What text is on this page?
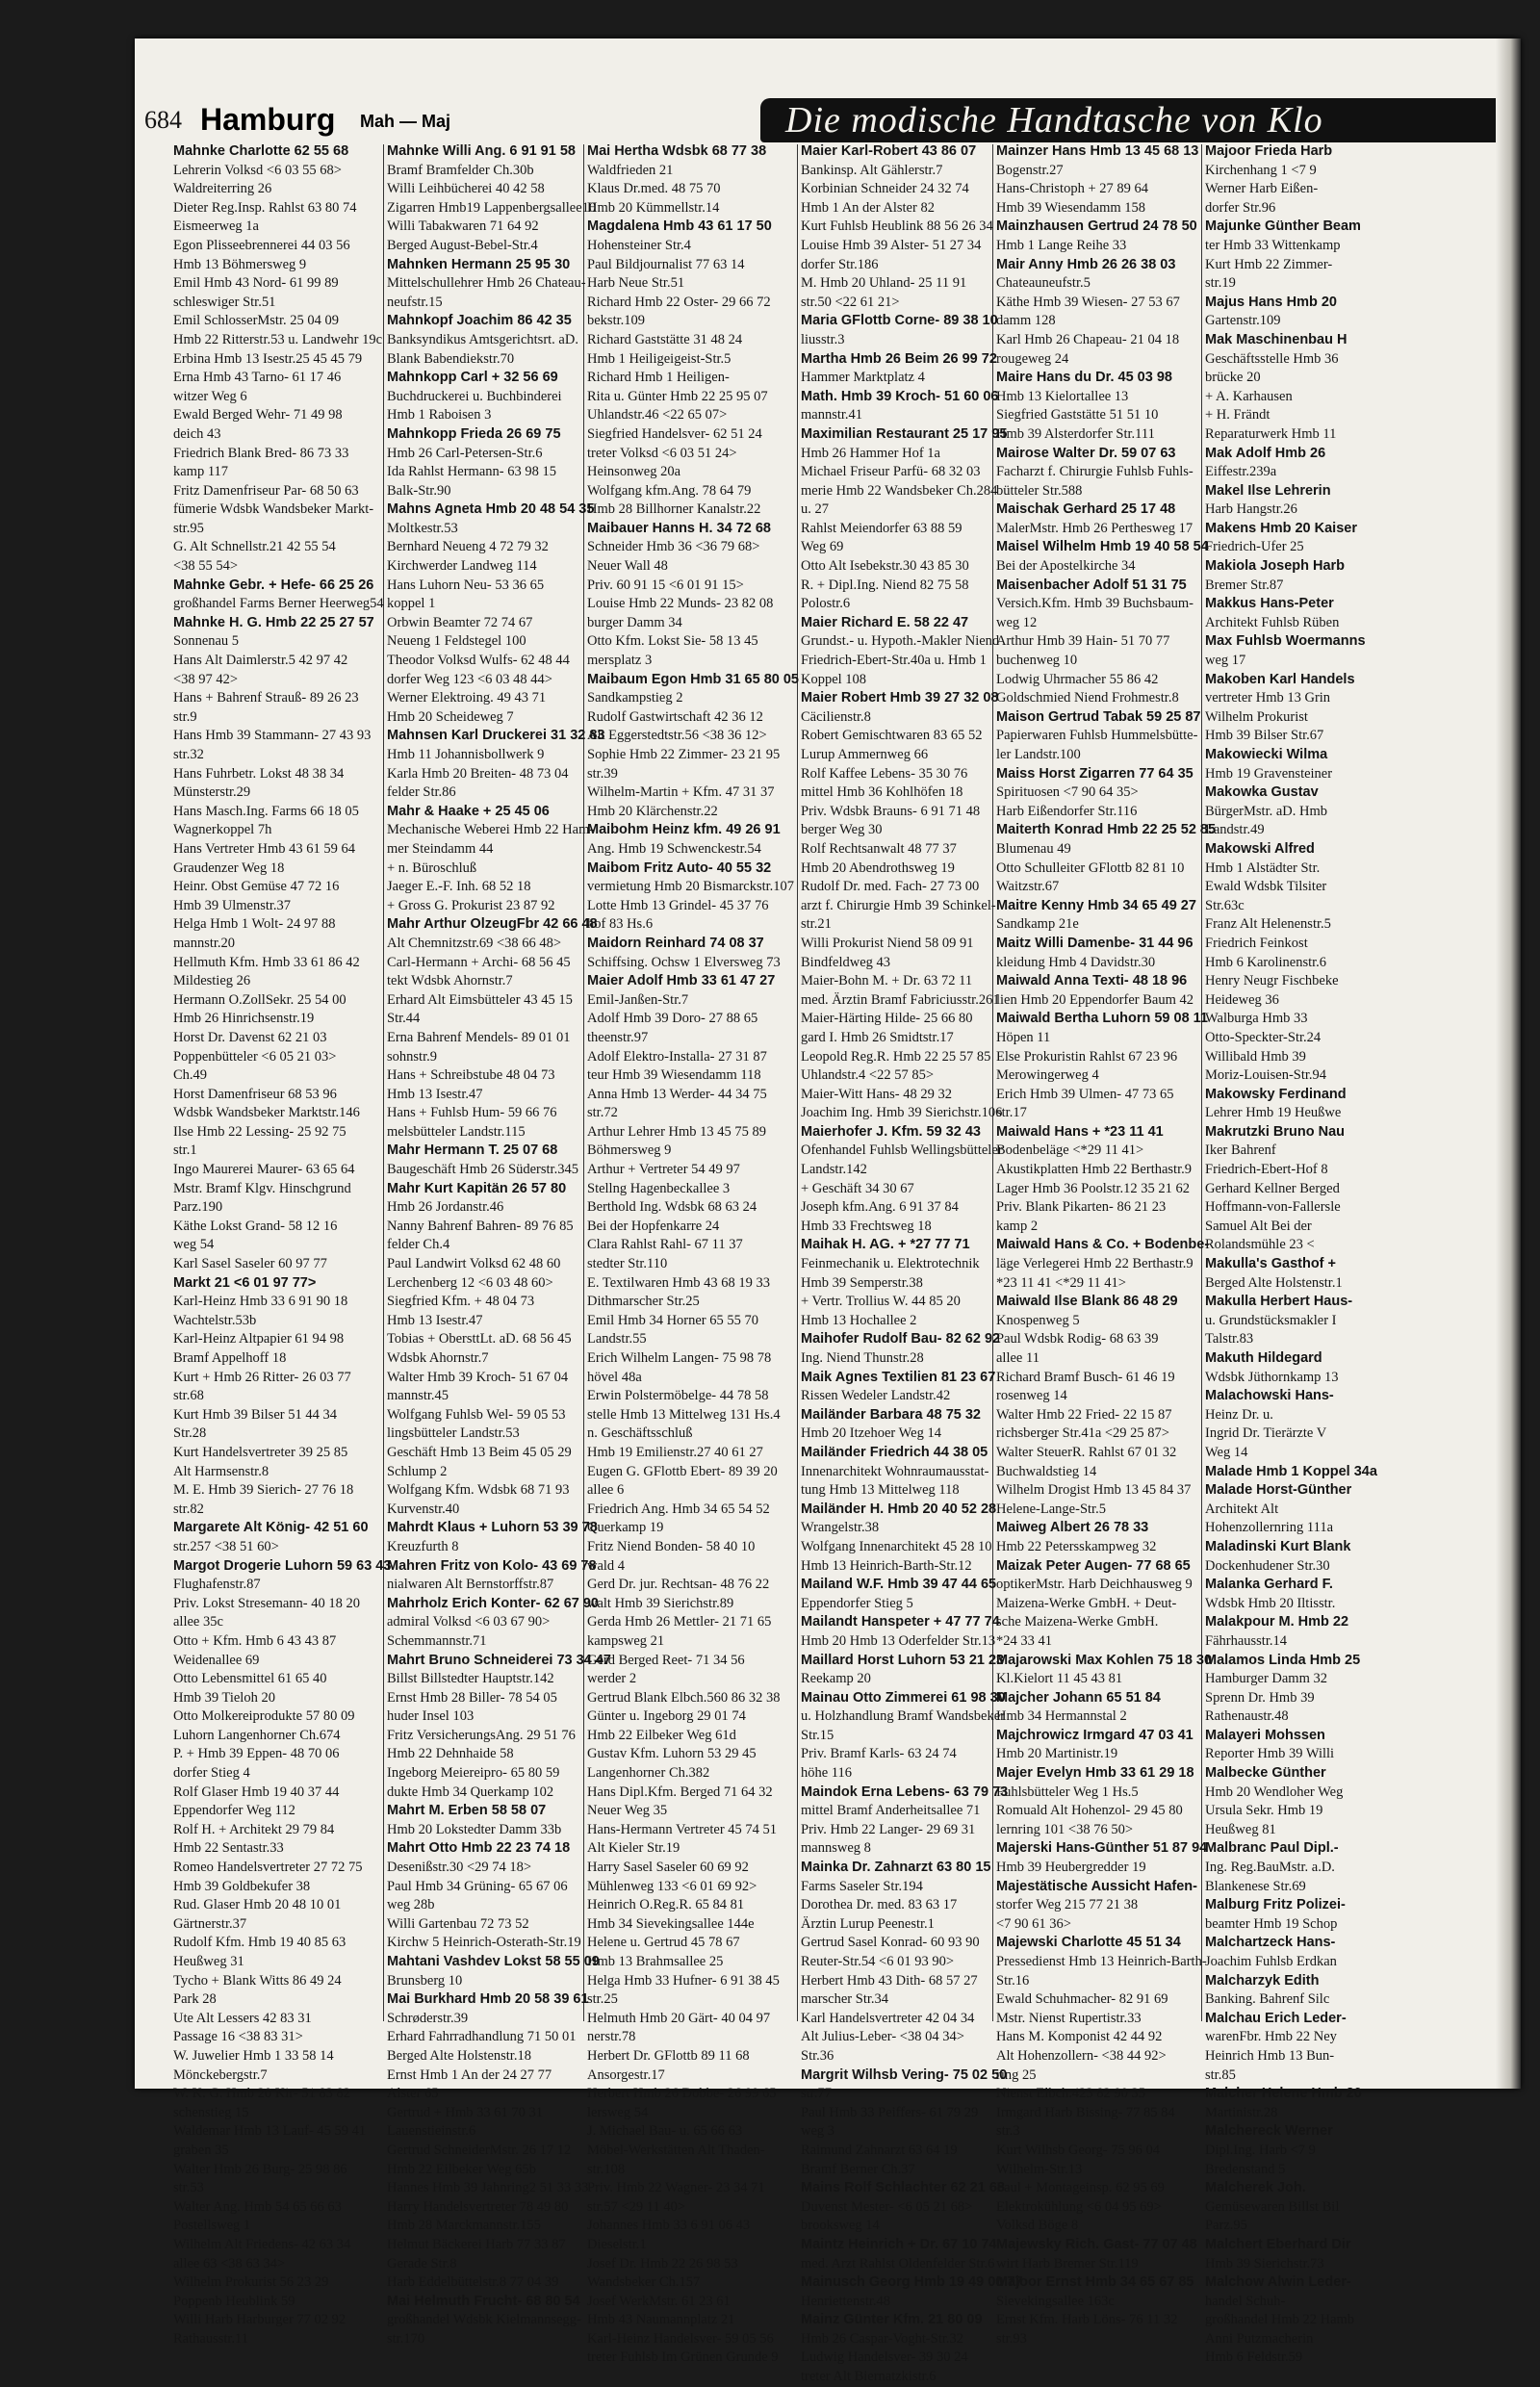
684 Hamburg Mah — Maj	Die modische Handtasche von Klo

Mahnke Charlotte 62 55 68

Lehrerin Volksd <6 03 55 68>

Waldreiterring 26

Dieter Reg.Insp. Rahlst 63 80 74

Eismeerweg 1a

Egon Plisseebrennerei 44 03 56

Hmb 13 Böhmersweg 9

Emil Hmb 43 Nord- 61 99 89

schleswiger Str.51

Emil SchlosserMstr. 25 04 09

Hmb 22 Ritterstr.53 u. Landwehr 19c

Erbina Hmb 13 Isestr.25 45 45 79

Erna Hmb 43 Tarno- 61 17 46

witzer Weg 6

Ewald Berged Wehr- 71 49 98

deich 43

Friedrich Blank Bred- 86 73 33

kamp 117

Fritz Damenfriseur Par- 68 50 63

fümerie Wdsbk Wandsbeker Markt-

str.95

G. Alt Schnellstr.21 42 55 54

<38 55 54>

Mahnke Gebr. + Hefe- 66 25 26

großhandel Farms Berner Heerweg54

Mahnke H. G. Hmb 22 25 27 57

Sonnenau 5

Hans Alt Daimlerstr.5 42 97 42

<38 97 42>

Hans + Bahrenf Strauß- 89 26 23

str.9

Hans Hmb 39 Stammann- 27 43 93

str.32

Hans Fuhrbetr. Lokst 48 38 34

Münsterstr.29

Hans Masch.Ing. Farms 66 18 05

Wagnerkoppel 7h

Hans Vertreter Hmb 43 61 59 64

Graudenzer Weg 18

Heinr. Obst Gemüse 47 72 16

Hmb 39 Ulmenstr.37

Helga Hmb 1 Wolt- 24 97 88

mannstr.20

Hellmuth Kfm. Hmb 33 61 86 42

Mildestieg 26

Hermann O.ZollSekr. 25 54 00

Hmb 26 Hinrichsenstr.19

Horst Dr. Davenst 62 21 03

Poppenbütteler <6 05 21 03>

Ch.49

Horst Damenfriseur 68 53 96

Wdsbk Wandsbeker Marktstr.146

Ilse Hmb 22 Lessing- 25 92 75

str.1

Ingo Maurerei Maurer- 63 65 64

Mstr. Bramf Klgv. Hinschgrund

Parz.190

Käthe Lokst Grand- 58 12 16

weg 54

Karl Sasel Saseler 60 97 77

Markt 21 <6 01 97 77>

Karl-Heinz Hmb 33 6 91 90 18

Wachtelstr.53b

Karl-Heinz Altpapier 61 94 98

Bramf Appelhoff 18

Kurt + Hmb 26 Ritter- 26 03 77

str.68

Kurt Hmb 39 Bilser 51 44 34

Str.28

Kurt Handelsvertreter 39 25 85

Alt Harmsenstr.8

M. E. Hmb 39 Sierich- 27 76 18

str.82

Margarete Alt König- 42 51 60

str.257 <38 51 60>

Margot Drogerie Luhorn 59 63 43

Flughafenstr.87

Priv. Lokst Stresemann- 40 18 20

allee 35c

Otto + Kfm. Hmb 6 43 43 87

Weidenallee 69

Otto Lebensmittel 61 65 40

Hmb 39 Tieloh 20

Otto Molkereiprodukte 57 80 09

Luhorn Langenhorner Ch.674

P. + Hmb 39 Eppen- 48 70 06

dorfer Stieg 4

Rolf Glaser Hmb 19 40 37 44

Eppendorfer Weg 112

Rolf H. + Architekt 29 79 84

Hmb 22 Sentastr.33

Romeo Handelsvertreter 27 72 75

Hmb 39 Goldbekufer 38

Rud. Glaser Hmb 20 48 10 01

Gärtnerstr.37

Rudolf Kfm. Hmb 19 40 85 63

Heußweg 31

Tycho + Blank Witts 86 49 24

Park 28

Ute Alt Lessers 42 83 31

Passage 16 <38 83 31>

W. Juwelier Hmb 1 33 58 14

Mönckebergstr.7

W. K. G. Hmb 20 Kir- 51 83 82

schenstieg 15

Waldemar Hmb 13 Lauf- 45 59 41

graben 35

Walter Hmb 26 Burg- 25 98 86

str.53

Walter Ang. Hmb 54 65 66 63

Postellsweg 1

Wilhelm Alt Friedens- 42 63 34

allee 63 <38 63 34>

Wilhelm Prokurist 56 23 29

Poppenb Heublink 59

Willi Harb Harburger 77 02 92

Rathausstr.11

Mahnke Willi Ang. 6 91 91 58

Bramf Bramfelder Ch.30b

Willi Leihbücherei 40 42 58

Zigarren Hmb19 Lappenbergsallee10

Willi Tabakwaren 71 64 92

Berged August-Bebel-Str.4

Mahnken Hermann 25 95 30

Mittelschullehrer Hmb 26 Chateau-

neufstr.15

Mahnkopf Joachim 86 42 35

Banksyndikus Amtsgerichtsrt. aD.

Blank Babendiekstr.70

Mahnkopp Carl + 32 56 69

Buchdruckerei u. Buchbinderei

Hmb 1 Raboisen 3

Mahnkopp Frieda 26 69 75

Hmb 26 Carl-Petersen-Str.6

Ida Rahlst Hermann- 63 98 15

Balk-Str.90

Mahns Agneta Hmb 20 48 54 35

Moltkestr.53

Bernhard Neueng 4 72 79 32

Kirchwerder Landweg 114

Hans Luhorn Neu- 53 36 65

koppel 1

Orbwin Beamter 72 74 67

Neueng 1 Feldstegel 100

Theodor Volksd Wulfs- 62 48 44

dorfer Weg 123 <6 03 48 44>

Werner Elektroing. 49 43 71

Hmb 20 Scheideweg 7

Mahnsen Karl Druckerei 31 32 83

Hmb 11 Johannisbollwerk 9

Karla Hmb 20 Breiten- 48 73 04

felder Str.86

Mahr & Haake + 25 45 06

Mechanische Weberei Hmb 22 Ham-

mer Steindamm 44

+ n. Büroschluß

Jaeger E.-F. Inh. 68 52 18

+ Gross G. Prokurist 23 87 92

Mahr Arthur OlzeugFbr 42 66 48

Alt Chemnitzstr.69 <38 66 48>

Carl-Hermann + Archi- 68 56 45

tekt Wdsbk Ahornstr.7

Erhard Alt Eimsbütteler 43 45 15

Str.44

Erna Bahrenf Mendels- 89 01 01

sohnstr.9

Hans + Schreibstube 48 04 73

Hmb 13 Isestr.47

Hans + Fuhlsb Hum- 59 66 76

melsbütteler Landstr.115

Mahr Hermann T. 25 07 68

Baugeschäft Hmb 26 Süderstr.345

Mahr Kurt Kapitän 26 57 80

Hmb 26 Jordanstr.46

Nanny Bahrenf Bahren- 89 76 85

felder Ch.4

Paul Landwirt Volksd 62 48 60

Lerchenberg 12 <6 03 48 60>

Siegfried Kfm. + 48 04 73

Hmb 13 Isestr.47

Tobias + ObersttLt. aD. 68 56 45

Wdsbk Ahornstr.7

Walter Hmb 39 Kroch- 51 67 04

mannstr.45

Wolfgang Fuhlsb Wel- 59 05 53

lingsbütteler Landstr.53

Geschäft Hmb 13 Beim 45 05 29

Schlump 2

Wolfgang Kfm. Wdsbk 68 71 93

Kurvenstr.40

Mahrdt Klaus + Luhorn 53 39 78

Kreuzfurth 8

Mahren Fritz von Kolo- 43 69 78

nialwaren Alt Bernstorffstr.87

Mahrholz Erich Konter- 62 67 90

admiral Volksd <6 03 67 90>

Schemmannstr.71

Mahrt Bruno Schneiderei 73 34 47

Billst Billstedter Hauptstr.142

Ernst Hmb 28 Biller- 78 54 05

huder Insel 103

Fritz VersicherungsAng. 29 51 76

Hmb 22 Dehnhaide 58

Ingeborg Meiereipro- 65 80 59

dukte Hmb 34 Querkamp 102

Mahrt M. Erben 58 58 07

Hmb 20 Lokstedter Damm 33b

Mahrt Otto Hmb 22 23 74 18

Desenißstr.30 <29 74 18>

Paul Hmb 34 Grüning- 65 67 06

weg 28b

Willi Gartenbau 72 73 52

Kirchw 5 Heinrich-Osterath-Str.19

Mahtani Vashdev Lokst 58 55 09

Brunsberg 10

Mai Burkhard Hmb 20 58 39 61

Schrøderstr.39

Erhard Fahrradhandlung 71 50 01

Berged Alte Holstenstr.18

Ernst Hmb 1 An der 24 27 77

Alster 65

Gertrud + Hmb 33 61 70 31

Lauenstieinstr.6

Gertrud SchneiderMstr. 26 17 12

Hmb 22 Eilbeker Weg 65b

Hannes Hmb 39 Jahnring2 51 33 33

Harry Handelsvertreter 78 49 80

Hmb 28 Marckmannstr.155

Helmut Bäckerei Harb 77 33 87

Gerade Str.8

Harb Eddelbüttelstr.8 77 04 39

Mai Helmuth Frucht- 68 80 54

großhandel Wdsbk Kielmannsegg-

str.170

Mai Hertha Wdsbk 68 77 38

Waldfrieden 21

Klaus Dr.med. 48 75 70

Hmb 20 Kümmellstr.14

Magdalena Hmb 43 61 17 50

Hohensteiner Str.4

Paul Bildjournalist 77 63 14

Harb Neue Str.51

Richard Hmb 22 Oster- 29 66 72

bekstr.109

Richard Gaststätte 31 48 24

Hmb 1 Heiligeigeist-Str.5

Richard Hmb 1 Heiligen-

Rita u. Günter Hmb 22 25 95 07

Uhlandstr.46 <22 65 07>

Siegfried Handelsver- 62 51 24

treter Volksd <6 03 51 24>

Heinsonweg 20a

Wolfgang kfm.Ang. 78 64 79

Hmb 28 Billhorner Kanalstr.22

Maibauer Hanns H. 34 72 68

Schneider Hmb 36 <36 79 68>

Neuer Wall 48

Priv. 60 91 15 <6 01 91 15>

Louise Hmb 22 Munds- 23 82 08

burger Damm 34

Otto Kfm. Lokst Sie- 58 13 45

mersplatz 3

Maibaum Egon Hmb 31 65 80 05

Sandkampstieg 2

Rudolf Gastwirtschaft 42 36 12

Alt Eggerstedtstr.56 <38 36 12>

Sophie Hmb 22 Zimmer- 23 21 95

str.39

Wilhelm-Martin + Kfm. 47 31 37

Hmb 20 Klärchenstr.22

Maibohm Heinz kfm. 49 26 91

Ang. Hmb 19 Schwenckestr.54

Maibom Fritz Auto- 40 55 32

vermietung Hmb 20 Bismarckstr.107

Lotte Hmb 13 Grindel- 45 37 76

hof 83 Hs.6

Maidorn Reinhard 74 08 37

Schiffsing. Ochsw 1 Elversweg 73

Maier Adolf Hmb 33 61 47 27

Emil-Janßen-Str.7

Adolf Hmb 39 Doro- 27 88 65

theenstr.97

Adolf Elektro-Installa- 27 31 87

teur Hmb 39 Wiesendamm 118

Anna Hmb 13 Werder- 44 34 75

str.72

Arthur Lehrer Hmb 13 45 75 89

Böhmersweg 9

Arthur + Vertreter 54 49 97

Stellng Hagenbeckallee 3

Berthold Ing. Wdsbk 68 63 24

Bei der Hopfenkarre 24

Clara Rahlst Rahl- 67 11 37

stedter Str.110

E. Textilwaren Hmb 43 68 19 33

Dithmarscher Str.25

Emil Hmb 34 Horner 65 55 70

Landstr.55

Erich Wilhelm Langen- 75 98 78

hövel 48a

Erwin Polstermöbelge- 44 78 58

stelle Hmb 13 Mittelweg 131 Hs.4

n. Geschäftsschluß

Hmb 19 Emilienstr.27 40 61 27

Eugen G. GFlottb Ebert- 89 39 20

allee 6

Friedrich Ang. Hmb 34 65 54 52

Querkamp 19

Fritz Niend Bonden- 58 40 10

wald 4

Gerd Dr. jur. Rechtsan- 48 76 22

walt Hmb 39 Sierichstr.89

Gerda Hmb 26 Mettler- 21 71 65

kampsweg 21

Gerd Berged Reet- 71 34 56

werder 2

Gertrud Blank Elbch.560 86 32 38

Günter u. Ingeborg 29 01 74

Hmb 22 Eilbeker Weg 61d

Gustav Kfm. Luhorn 53 29 45

Langenhorner Ch.382

Hans Dipl.Kfm. Berged 71 64 32

Neuer Weg 35

Hans-Hermann Vertreter 45 74 51

Alt Kieler Str.19

Harry Sasel Saseler 60 69 92

Mühlenweg 133 <6 01 69 92>

Heinrich O.Reg.R. 65 84 81

Hmb 34 Sievekingsallee 144e

Helene u. Gertrud 45 78 67

Hmb 13 Brahmsallee 25

Helga Hmb 33 Hufner- 6 91 38 45

str.25

Helmuth Hmb 20 Gärt- 40 04 97

nerstr.78

Herbert Dr. GFlottb 89 11 68

Ansorgestr.17

Herbert Hmb 26 Dobbe- 26 99 65

lersweg 54

J. Michael Bau- u. 65 66 63

Möbel-Werkstätten Alt Thaden-

str.108

Priv. Hmb 22 Wagner- 23 34 71

str.57 <29 11 40>

Johannes Hmb 33 6 91 06 43

Dieselstr.1

Josef Dr. Hmb 22 26 98 53

Wandsbeker Ch.157

Josef WerkMstr. 61 23 61

Hmb 43 Naumannplatz 21

Karl-Heinz Handelsver- 59 05 56

treter Fuhlsb Im Grünen Grunde 9

Maier Karl-Robert 43 86 07

Bankinsp. Alt Gählerstr.7

Korbinian Schneider 24 32 74

Hmb 1 An der Alster 82

Kurt Fuhlsb Heublink 88 56 26 34

Louise Hmb 39 Alster- 51 27 34

dorfer Str.186

M. Hmb 20 Uhland- 25 11 91

str.50 <22 61 21>

Maria GFlottb Corne- 89 38 10

liusstr.3

Martha Hmb 26 Beim 26 99 72

Hammer Marktplatz 4

Math. Hmb 39 Kroch- 51 60 06

mannstr.41

Maximilian Restaurant 25 17 95

Hmb 26 Hammer Hof 1a

Michael Friseur Parfü- 68 32 03

merie Hmb 22 Wandsbeker Ch.284

u. 27

Rahlst Meiendorfer 63 88 59

Weg 69

Otto Alt Isebekstr.30 43 85 30

R. + Dipl.Ing. Niend 82 75 58

Polostr.6

Maier Richard E. 58 22 47

Grundst.- u. Hypoth.-Makler Niend

Friedrich-Ebert-Str.40a u. Hmb 1

Koppel 108

Maier Robert Hmb 39 27 32 08

Cäcilienstr.8

Robert Gemischtwaren 83 65 52

Lurup Ammernweg 66

Rolf Kaffee Lebens- 35 30 76

mittel Hmb 36 Kohlhöfen 18

Priv. Wdsbk Brauns- 6 91 71 48

berger Weg 30

Rolf Rechtsanwalt 48 77 37

Hmb 20 Abendrothsweg 19

Rudolf Dr. med. Fach- 27 73 00

arzt f. Chirurgie Hmb 39 Schinkel-

str.21

Willi Prokurist Niend 58 09 91

Bindfeldweg 43

Maier-Bohn M. + Dr. 63 72 11

med. Ärztin Bramf Fabriciusstr.261

Maier-Härting Hilde- 25 66 80

gard I. Hmb 26 Smidtstr.17

Leopold Reg.R. Hmb 22 25 57 85

Uhlandstr.4 <22 57 85>

Maier-Witt Hans- 48 29 32

Joachim Ing. Hmb 39 Sierichstr.106

Maierhofer J. Kfm. 59 32 43

Ofenhandel Fuhlsb Wellingsbütteler

Landstr.142

+ Geschäft 34 30 67

Joseph kfm.Ang. 6 91 37 84

Hmb 33 Frechtsweg 18

Maihak H. AG. + *27 77 71

Feinmechanik u. Elektrotechnik

Hmb 39 Semperstr.38

+ Vertr. Trollius W. 44 85 20

Hmb 13 Hochallee 2

Maihofer Rudolf Bau- 82 62 92

Ing. Niend Thunstr.28

Maik Agnes Textilien 81 23 67

Rissen Wedeler Landstr.42

Mailänder Barbara 48 75 32

Hmb 20 Itzehoer Weg 14

Mailänder Friedrich 44 38 05

Innenarchitekt Wohnraumausstat-

tung Hmb 13 Mittelweg 118

Mailänder H. Hmb 20 40 52 28

Wrangelstr.38

Wolfgang Innenarchitekt 45 28 10

Hmb 13 Heinrich-Barth-Str.12

Mailand W.F. Hmb 39 47 44 65

Eppendorfer Stieg 5

Mailandt Hanspeter + 47 77 74

Hmb 20 Hmb 13 Oderfelder Str.13

Maillard Horst Luhorn 53 21 23

Reekamp 20

Mainau Otto Zimmerei 61 98 30

u. Holzhandlung Bramf Wandsbeker

Str.15

Priv. Bramf Karls- 63 24 74

höhe 116

Maindok Erna Lebens- 63 79 73

mittel Bramf Anderheitsallee 71

Priv. Hmb 22 Langer- 29 69 31

mannsweg 8

Mainka Dr. Zahnarzt 63 80 15

Farms Saseler Str.194

Dorothea Dr. med. 83 63 17

Ärztin Lurup Peenestr.1

Gertrud Sasel Konrad- 60 93 90

Reuter-Str.54 <6 01 93 90>

Herbert Hmb 43 Dith- 68 57 27

marscher Str.34

Karl Handelsvertreter 42 04 34

Alt Julius-Leber- <38 04 34>

Str.36

Margrit Wilhsb Vering- 75 02 50

str.77

Paul Hmb 33 Peiffers- 61 79 29

weg 3

Raimund Zahnarzt 63 64 19

Bramf Berner Ch.37

Mains Rolf Schlachter 62 21 68

Duvenst Mester- <6 05 21 68>

brooksweg 14

Maintz Heinrich + Dr. 67 10 74

med. Arzt Rahlst Oldenfelder Str.6

Mainusch Georg Hmb 19 49 00 77

Henriettenstr.48

Mainz Günter Kfm. 21 80 09

Hmb 26 Caspar-Voght-Str.32

Ludwig Handelsver- 39 30 24

treter Alt Biernatzkistr.6

Mainzer Hans Hmb 13 45 68 13

Bogenstr.27

Hans-Christoph + 27 89 64

Hmb 39 Wiesendamm 158

Mainzhausen Gertrud 24 78 50

Hmb 1 Lange Reihe 33

Mair Anny Hmb 26 26 38 03

Chateauneufstr.5

Käthe Hmb 39 Wiesen- 27 53 67

damm 128

Karl Hmb 26 Chapeau- 21 04 18

rougeweg 24

Maire Hans du Dr. 45 03 98

Hmb 13 Kielortallee 13

Siegfried Gaststätte 51 51 10

Hmb 39 Alsterdorfer Str.111

Mairose Walter Dr. 59 07 63

Facharzt f. Chirurgie Fuhlsb Fuhls-

bütteler Str.588

Maischak Gerhard 25 17 48

MalerMstr. Hmb 26 Perthesweg 17

Maisel Wilhelm Hmb 19 40 58 54

Bei der Apostelkirche 34

Maisenbacher Adolf 51 31 75

Versich.Kfm. Hmb 39 Buchsbaum-

weg 12

Arthur Hmb 39 Hain- 51 70 77

buchenweg 10

Lodwig Uhrmacher 55 86 42

Goldschmied Niend Frohmestr.8

Maison Gertrud Tabak 59 25 87

Papierwaren Fuhlsb Hummelsbütte-

ler Landstr.100

Maiss Horst Zigarren 77 64 35

Spirituosen <7 90 64 35>

Harb Eißendorfer Str.116

Maiterth Konrad Hmb 22 25 52 85

Blumenau 49

Otto Schulleiter GFlottb 82 81 10

Waitzstr.67

Maitre Kenny Hmb 34 65 49 27

Sandkamp 21e

Maitz Willi Damenbe- 31 44 96

kleidung Hmb 4 Davidstr.30

Maiwald Anna Texti- 48 18 96

lien Hmb 20 Eppendorfer Baum 42

Maiwald Bertha Luhorn 59 08 11

Höpen 11

Else Prokuristin Rahlst 67 23 96

Merowingerweg 4

Erich Hmb 39 Ulmen- 47 73 65

str.17

Maiwald Hans + *23 11 41

Bodenbeläge <*29 11 41>

Akustikplatten Hmb 22 Berthastr.9

Lager Hmb 36 Poolstr.12 35 21 62

Priv. Blank Pikarten- 86 21 23

kamp 2

Maiwald Hans & Co. + Bodenbe-

läge Verlegerei Hmb 22 Berthastr.9

*23 11 41 <*29 11 41>

Maiwald Ilse Blank 86 48 29

Knospenweg 5

Paul Wdsbk Rodig- 68 63 39

allee 11

Richard Bramf Busch- 61 46 19

rosenweg 14

Walter Hmb 22 Fried- 22 15 87

richsberger Str.41a <29 25 87>

Walter SteuerR. Rahlst 67 01 32

Buchwaldstieg 14

Wilhelm Drogist Hmb 13 45 84 37

Helene-Lange-Str.5

Maiweg Albert 26 78 33

Hmb 22 Petersskampweg 32

Maizak Peter Augen- 77 68 65

optikerMstr. Harb Deichhausweg 9

Maizena-Werke GmbH. + Deut-

sche Maizena-Werke GmbH.

*24 33 41

Majarowski Max Kohlen 75 18 30

Kl.Kielort 11 45 43 81

Majcher Johann 65 51 84

Hmb 34 Hermannstal 2

Majchrowicz Irmgard 47 03 41

Hmb 20 Martinistr.19

Majer Evelyn Hmb 33 61 29 18

Fuhlsbütteler Weg 1 Hs.5

Romuald Alt Hohenzol- 29 45 80

lernring 101 <38 76 50>

Majerski Hans-Günther 51 87 94

Hmb 39 Heubergredder 19

Majestätische Aussicht Hafen-

storfer Weg 215 77 21 38

<7 90 61 36>

Majewski Charlotte 45 51 34

Pressedienst Hmb 13 Heinrich-Barth-

Str.16

Ewald Schuhmacher- 82 91 69

Mstr. Nienst Rupertistr.33

Hans M. Komponist 42 44 92

Alt Hohenzollern- <38 44 92>

ring 25

Nienst Elbch.423 82 90 35

Irmgard Harb Bissing- 77 85 84

str.3

Kurt Wilhsb Georg- 75 96 04

Wilhelm-Str.13

Paul + Montageinsp. 62 95 69

Elektrokühlung <6 04 95 69>

Volksd Böge 8

Majewsky Rich. Gast- 77 07 48

wirt Harb Bremer Str.119

Majoor Ernst Hmb 34 65 67 85

Sievekingsallee 163c

Ernst Kfm. Harb Löns- 76 11 32

str.93

Majoor Frieda Harb

Kirchenhang 1 <7 9

Werner Harb Eißen-

dorfer Str.96

Majunke Günther Beam

ter Hmb 33 Wittenkamp

Kurt Hmb 22 Zimmer-

str.19

Majus Hans Hmb 20

Gartenstr.109

Mak Maschinenbau H

Geschäftsstelle Hmb 36

brücke 20

+ A. Karhausen

+ H. Frändt

Reparaturwerk Hmb 11

Mak Adolf Hmb 26

Eiffestr.239a

Makel Ilse Lehrerin

Harb Hangstr.26

Makens Hmb 20 Kaiser

Friedrich-Ufer 25

Makiola Joseph Harb

Bremer Str.87

Makkus Hans-Peter

Architekt Fuhlsb Rüben

Max Fuhlsb Woermanns

weg 17

Makoben Karl Handels

vertreter Hmb 13 Grin

Wilhelm Prokurist

Hmb 39 Bilser Str.67

Makowiecki Wilma

Hmb 19 Gravensteiner

Makowka Gustav

BürgerMstr. aD. Hmb

Landstr.49

Makowski Alfred

Hmb 1 Alstädter Str.

Ewald Wdsbk Tilsiter

Str.63c

Franz Alt Helenenstr.5

Friedrich Feinkost

Hmb 6 Karolinenstr.6

Henry Neugr Fischbeke

Heideweg 36

Walburga Hmb 33

Otto-Speckter-Str.24

Willibald Hmb 39

Moriz-Louisen-Str.94

Makowsky Ferdinand

Lehrer Hmb 19 Heußwe

Makrutzki Bruno Nau

Iker Bahrenf

Friedrich-Ebert-Hof 8

Gerhard Kellner Berged

Hoffmann-von-Fallersle

Samuel Alt Bei der

Rolandsmühle 23 <

Makulla's Gasthof +

Berged Alte Holstenstr.1

Makulla Herbert Haus-

u. Grundstücksmakler I

Talstr.83

Makuth Hildegard

Wdsbk Jüthornkamp 13

Malachowski Hans-

Heinz Dr. u.

Ingrid Dr. Tierärzte V

Weg 14

Malade Hmb 1 Koppel 34a

Malade Horst-Günther

Architekt Alt

Hohenzollernring 111a

Maladinski Kurt Blank

Dockenhudener Str.30

Malanka Gerhard F.

Wdsbk Hmb 20 Iltisstr.

Malakpour M. Hmb 22

Fährhausstr.14

Malamos Linda Hmb 25

Hamburger Damm 32

Sprenn Dr. Hmb 39

Rathenaustr.48

Malayeri Mohssen

Reporter Hmb 39 Willi

Malbecke Günther

Hmb 20 Wendloher Weg

Ursula Sekr. Hmb 19

Heußweg 81

Malbranc Paul Dipl.-

Ing. Reg.BauMstr. a.D.

Blankenese Str.69

Malburg Fritz Polizei-

beamter Hmb 19 Schop

Malchartzeck Hans-

Joachim Fuhlsb Erdkan

Malcharzyk Edith

Banking. Bahrenf Silc

Malchau Erich Leder-

warenFbr. Hmb 22 Ney

Heinrich Hmb 13 Bun-

str.85

Malcher Helene Hmb 20

Martinistr.28

Malchereck Werner

Dipl.Ing. Harb <7 9

Bredenstand 5

Malcherek Joh.

Gemüsewaren Billst Bil

Parz.95

Malchert Eberhard Dir

Hmb 39 Sierichstr.73

Malchow Alwin Leder-

handel Schuh-

großhandel Hmb 22 Hamb

Anni Putzmacherin

Hmb 6 Feldstr.59
